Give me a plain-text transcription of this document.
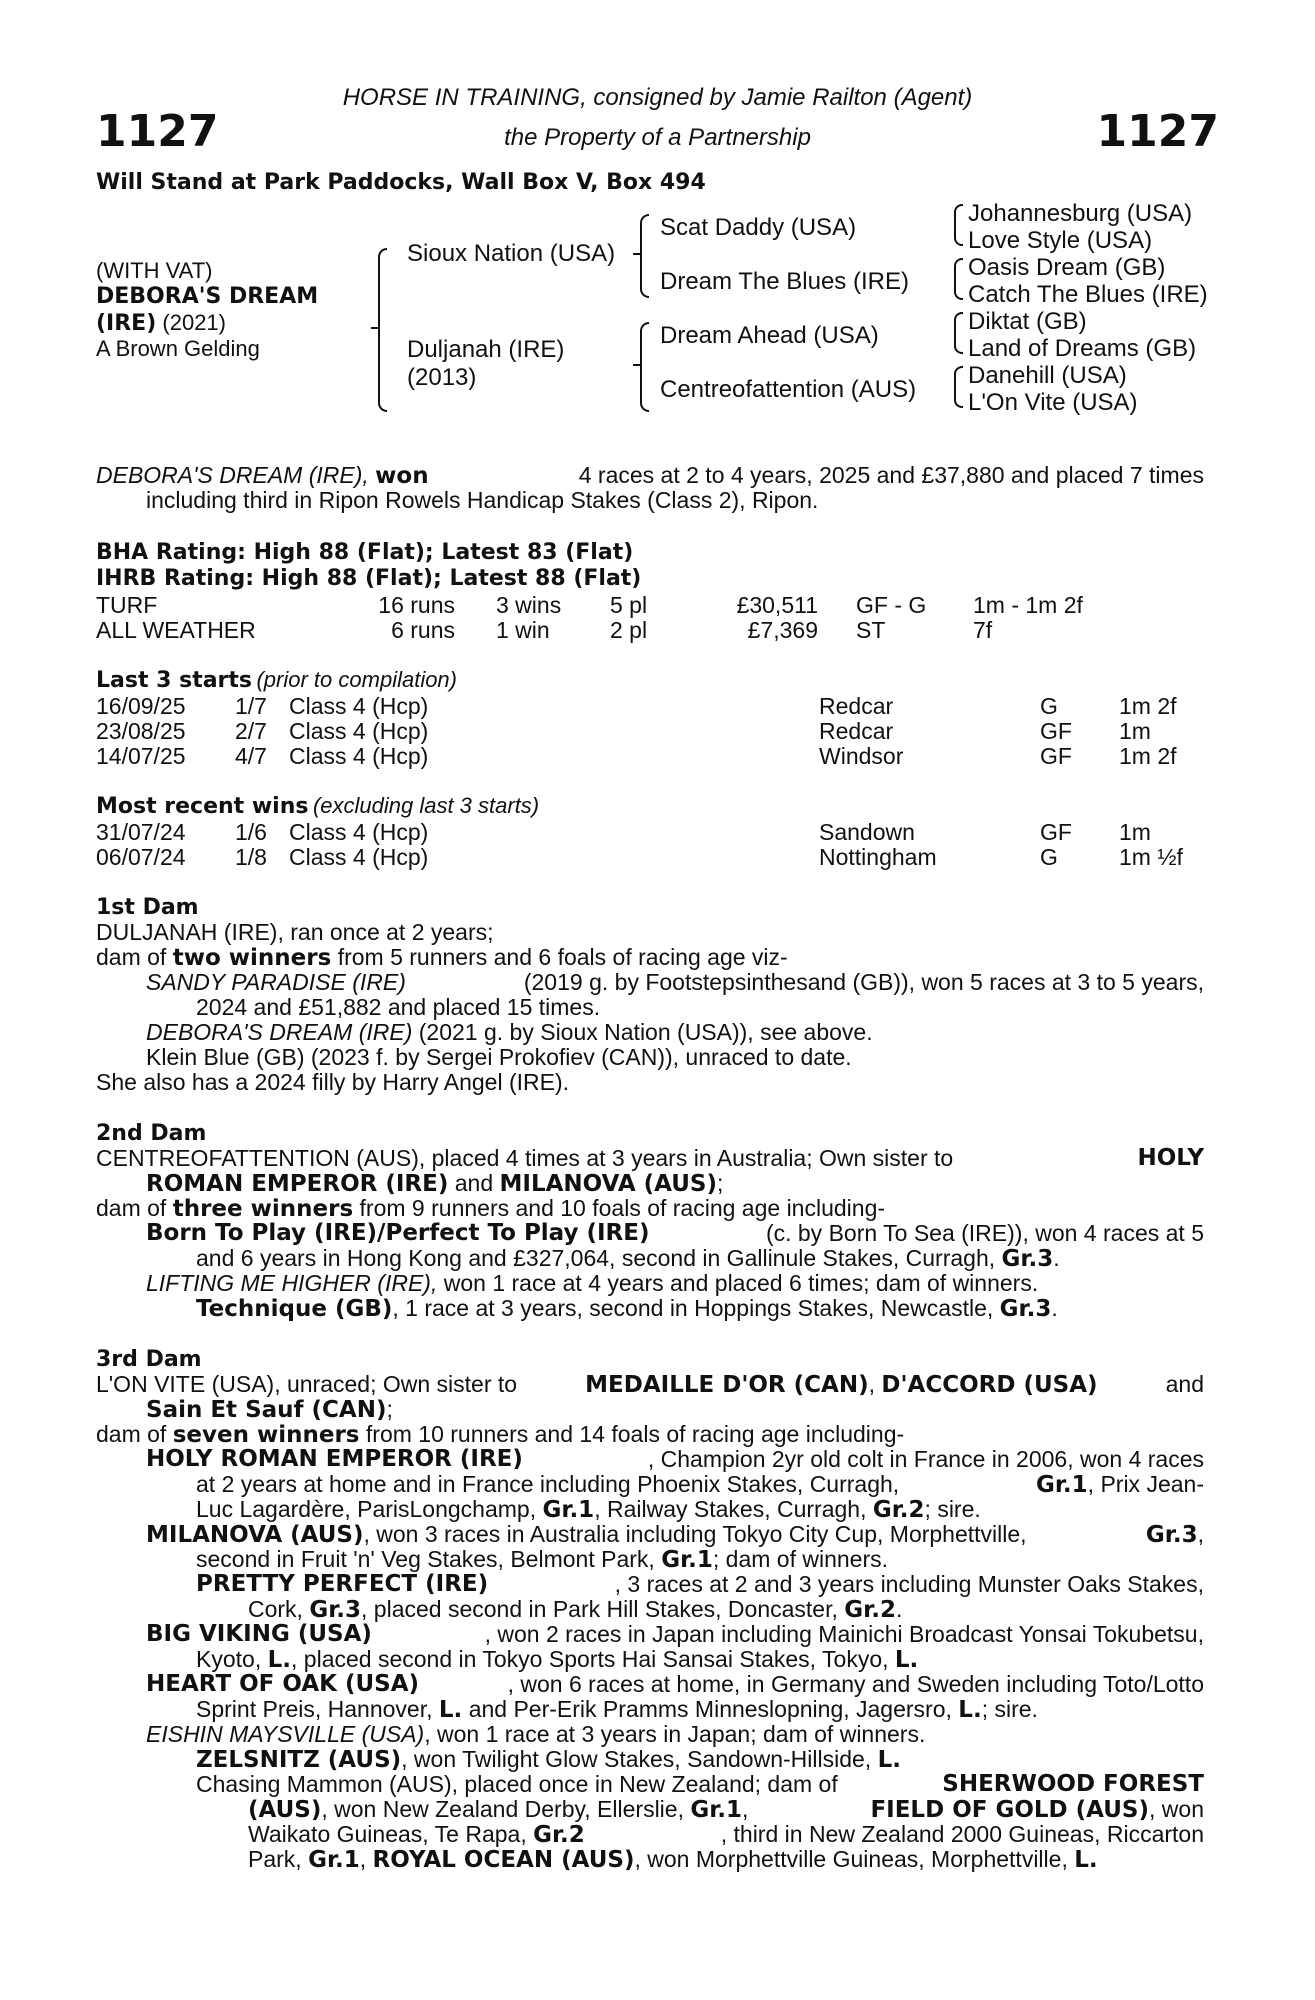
1127	1127
HORSE IN TRAINING, consigned by Jamie Railton (Agent)
the Property of a Partnership
Will Stand at Park Paddocks, Wall Box V, Box 494
(WITH VAT)
DEBORA'S DREAM
(IRE) (2021)
A Brown Gelding
Sioux Nation (USA)
Duljanah (IRE)
(2013)
Scat Daddy (USA)
Dream The Blues (IRE)
Dream Ahead (USA)
Centreofattention (AUS)
Johannesburg (USA)
Love Style (USA)
Oasis Dream (GB)
Catch The Blues (IRE)
Diktat (GB)
Land of Dreams (GB)
Danehill (USA)
L'On Vite (USA)
DEBORA'S DREAM (IRE), won	4 races at 2 to 4 years, 2025 and £37,880 and placed 7 times
including third in Ripon Rowels Handicap Stakes (Class 2), Ripon.
BHA Rating: High 88 (Flat); Latest 83 (Flat)
IHRB Rating: High 88 (Flat); Latest 88 (Flat)
TURF	16 runs 3 wins 5 pl	£30,511 GF - G 1m - 1m 2f
ALL WEATHER	6 runs 1 win	2 pl	£7,369 ST	7f
Last 3 starts (prior to compilation)
16/09/25 1/7 Class 4 (Hcp)	Redcar	G	1m 2f
23/08/25 2/7 Class 4 (Hcp)	Redcar	GF 1m
14/07/25 4/7 Class 4 (Hcp)	Windsor	GF 1m 2f
Most recent wins (excluding last 3 starts)
31/07/24 1/6 Class 4 (Hcp)	Sandown	GF 1m
06/07/24 1/8 Class 4 (Hcp)	Nottingham	G	1m ½f
1st Dam
DULJANAH (IRE), ran once at 2 years;
dam of two winners from 5 runners and 6 foals of racing age viz-
SANDY PARADISE (IRE)	(2019 g. by Footstepsinthesand (GB)), won 5 races at 3 to 5 years,
2024 and £51,882 and placed 15 times.
DEBORA'S DREAM (IRE) (2021 g. by Sioux Nation (USA)), see above.
Klein Blue (GB) (2023 f. by Sergei Prokofiev (CAN)), unraced to date.
She also has a 2024 filly by Harry Angel (IRE).
2nd Dam
CENTREOFATTENTION (AUS), placed 4 times at 3 years in Australia; Own sister to	HOLY
ROMAN EMPEROR (IRE) and MILANOVA (AUS);
dam of three winners from 9 runners and 10 foals of racing age including-
Born To Play (IRE)/Perfect To Play (IRE)	(c. by Born To Sea (IRE)), won 4 races at 5
and 6 years in Hong Kong and £327,064, second in Gallinule Stakes, Curragh, Gr.3.
LIFTING ME HIGHER (IRE), won 1 race at 4 years and placed 6 times; dam of winners.
Technique (GB), 1 race at 3 years, second in Hoppings Stakes, Newcastle, Gr.3.
3rd Dam
L'ON VITE (USA), unraced; Own sister to	MEDAILLE D'OR (CAN), D'ACCORD (USA)	and
Sain Et Sauf (CAN);
dam of seven winners from 10 runners and 14 foals of racing age including-
HOLY ROMAN EMPEROR (IRE)	, Champion 2yr old colt in France in 2006, won 4 races
at 2 years at home and in France including Phoenix Stakes, Curragh,	Gr.1, Prix Jean-
Luc Lagardère, ParisLongchamp, Gr.1, Railway Stakes, Curragh, Gr.2; sire.
MILANOVA (AUS), won 3 races in Australia including Tokyo City Cup, Morphettville,	Gr.3,
second in Fruit 'n' Veg Stakes, Belmont Park, Gr.1; dam of winners.
PRETTY PERFECT (IRE)	, 3 races at 2 and 3 years including Munster Oaks Stakes,
Cork, Gr.3, placed second in Park Hill Stakes, Doncaster, Gr.2.
BIG VIKING (USA)	, won 2 races in Japan including Mainichi Broadcast Yonsai Tokubetsu,
Kyoto, L., placed second in Tokyo Sports Hai Sansai Stakes, Tokyo, L.
HEART OF OAK (USA)	, won 6 races at home, in Germany and Sweden including Toto/Lotto
Sprint Preis, Hannover, L. and Per-Erik Pramms Minneslopning, Jagersro, L.; sire.
EISHIN MAYSVILLE (USA), won 1 race at 3 years in Japan; dam of winners.
ZELSNITZ (AUS), won Twilight Glow Stakes, Sandown-Hillside, L.
Chasing Mammon (AUS), placed once in New Zealand; dam of	SHERWOOD FOREST
(AUS), won New Zealand Derby, Ellerslie, Gr.1,	FIELD OF GOLD (AUS), won
Waikato Guineas, Te Rapa, Gr.2	, third in New Zealand 2000 Guineas, Riccarton
Park, Gr.1, ROYAL OCEAN (AUS), won Morphettville Guineas, Morphettville, L.
